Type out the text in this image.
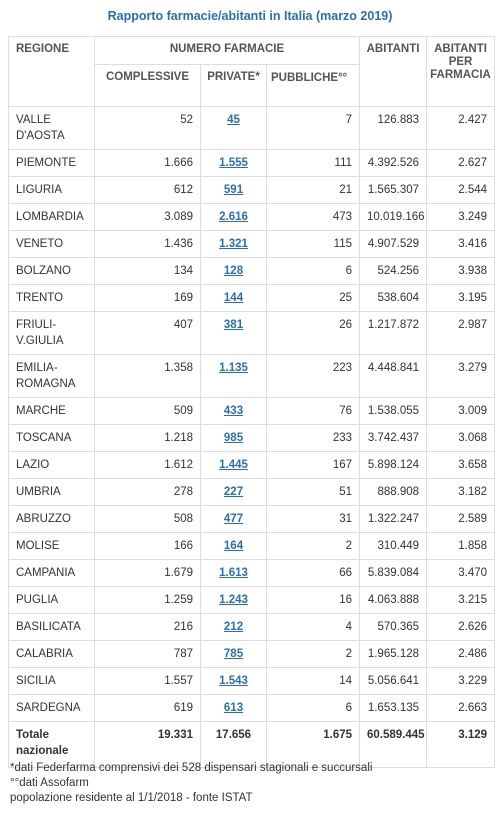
Rapporto farmacie/abitanti in Italia (marzo 2019)
REGIONE	NUMERO FARMACIE			ABITANTI	ABITANTI
PER
FARMACIA

	COMPLESSIVE	PRIVATE*	PUBBLICHE°°		

VALLE
D'AOSTA	52	45	7	126.883	2.427

PIEMONTE	1.666	1.555	111	4.392.526	2.627

LIGURIA	612	591	21	1.565.307	2.544

LOMBARDIA	3.089	2.616	473	10.019.166	3.249

VENETO	1.436	1.321	115	4.907.529	3.416

BOLZANO	134	128	6	524.256	3.938

TRENTO	169	144	25	538.604	3.195

FRIULI-
V.GIULIA	407	381	26	1.217.872	2.987

EMILIA-
ROMAGNA	1.358	1.135	223	4.448.841	3.279

MARCHE	509	433	76	1.538.055	3.009

TOSCANA	1.218	985	233	3.742.437	3.068

LAZIO	1.612	1.445	167	5.898.124	3.658

UMBRIA	278	227	51	888.908	3.182

ABRUZZO	508	477	31	1.322.247	2.589

MOLISE	166	164	2	310.449	1.858

CAMPANIA	1.679	1.613	66	5.839.084	3.470

PUGLIA	1.259	1.243	16	4.063.888	3.215

BASILICATA	216	212	4	570.365	2.626

CALABRIA	787	785	2	1.965.128	2.486

SICILIA	1.557	1.543	14	5.056.641	3.229

SARDEGNA	619	613	6	1.653.135	2.663

Totale
nazionale	19.331	17.656	1.675	60.589.445	3.129
*dati Federfarma comprensivi dei 528 dispensari stagionali e succursali
°°dati Assofarm
popolazione residente al 1/1/2018 - fonte ISTAT
